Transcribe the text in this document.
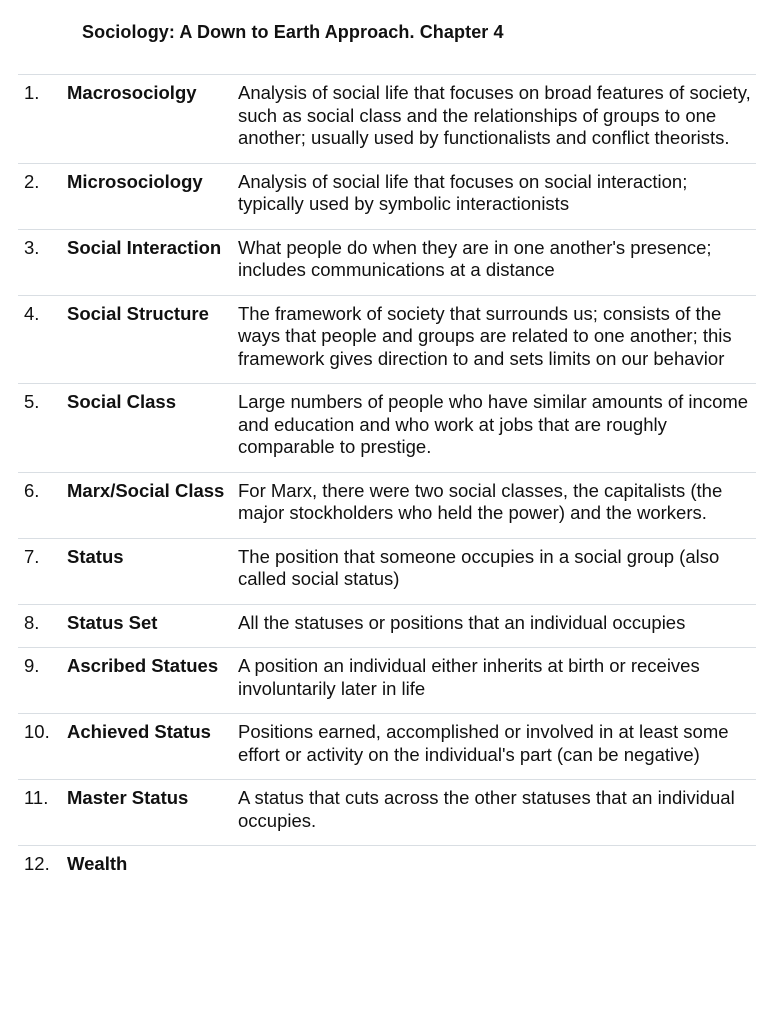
Sociology: A Down to Earth Approach. Chapter 4
1.	Macrosociolgy	Analysis of social life that focuses on broad features of society, such as social class and the relationships of groups to one another; usually used by functionalists and conflict theorists.

2.	Microsociology	Analysis of social life that focuses on social interaction; typically used by symbolic interactionists

3.	Social Interaction	What people do when they are in one another's presence; includes communications at a distance

4.	Social Structure	The framework of society that surrounds us; consists of the ways that people and groups are related to one another; this framework gives direction to and sets limits on our behavior

5.	Social Class	Large numbers of people who have similar amounts of income and education and who work at jobs that are roughly comparable to prestige.

6.	Marx/Social Class	For Marx, there were two social classes, the capitalists (the major stockholders who held the power) and the workers.

7.	Status	The position that someone occupies in a social group (also called social status)

8.	Status Set	All the statuses or positions that an individual occupies

9.	Ascribed Statues	A position an individual either inherits at birth or receives involuntarily later in life

10.	Achieved Status	Positions earned, accomplished or involved in at least some effort or activity on the individual's part (can be negative)

11.	Master Status	A status that cuts across the other statuses that an individual occupies.

12.	Wealth	
